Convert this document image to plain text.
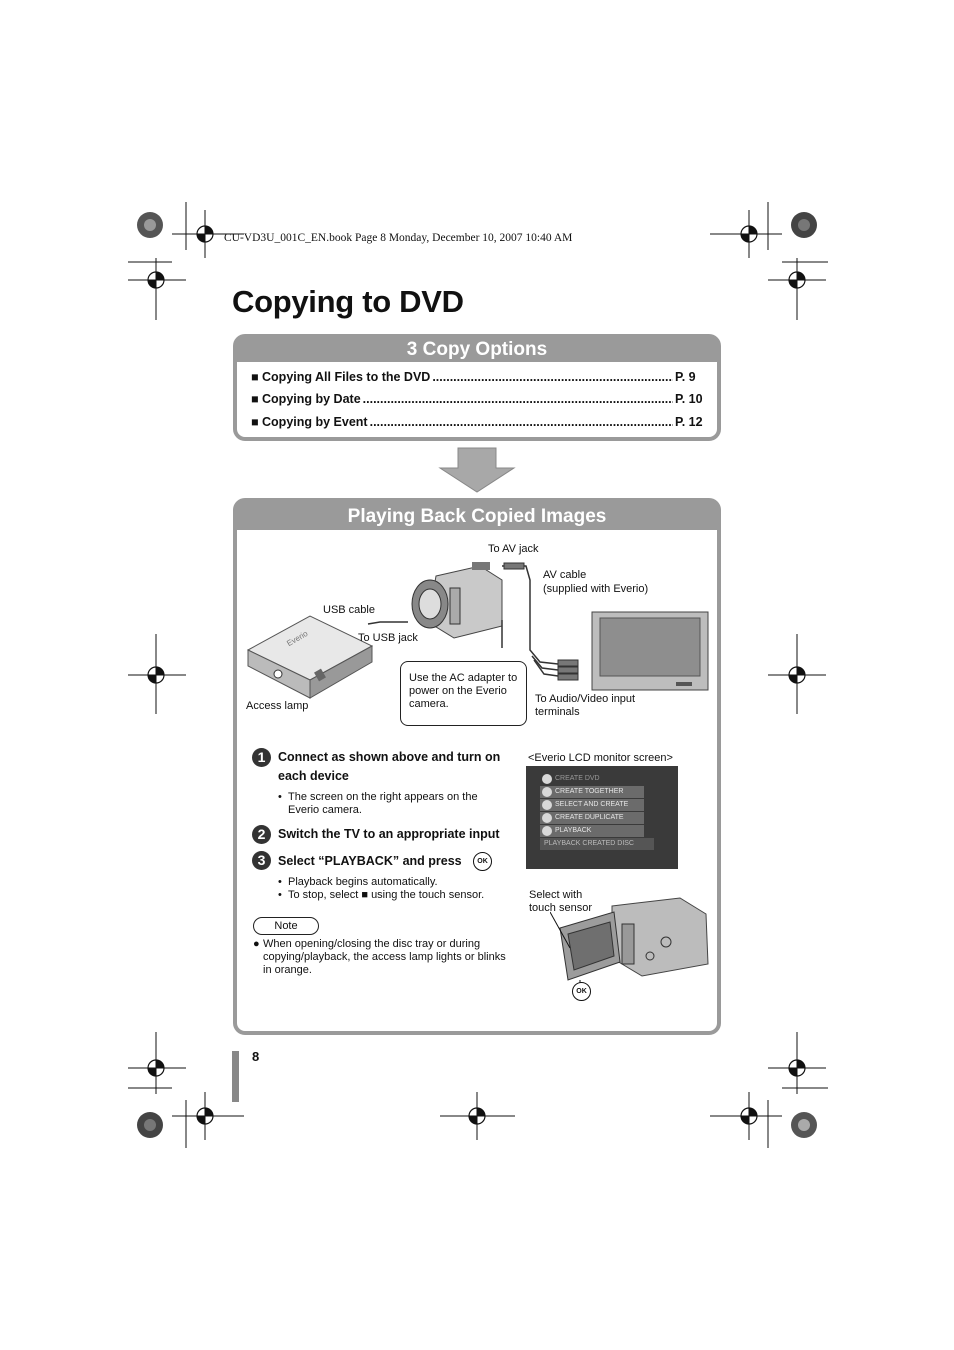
CU-VD3U_001C_EN.book Page 8 Monday, December 10, 2007 10:40 AM
Copying to DVD
3 Copy Options
■ Copying All Files to the DVD .....	P. 9
■ Copying by Date .....	P. 10
■ Copying by Event .....	P. 12
Playing Back Copied Images
To AV jack
AV cable
(supplied with Everio)
USB cable
To USB jack
Access lamp
To Audio/Video input
terminals
Everio
Use the AC adapter to power on the Everio camera.
1	Connect as shown above and turn on each device
• The screen on the right appears on the Everio camera.
2	Switch the TV to an appropriate input
3	Select “PLAYBACK” and press	OK
• Playback begins automatically.
• To stop, select ■ using the touch sensor.
Note
● When opening/closing the disc tray or during copying/playback, the access lamp lights or blinks in orange.
<Everio LCD monitor screen>
CREATE DVD
CREATE TOGETHER
SELECT AND CREATE
CREATE DUPLICATE
PLAYBACK
PLAYBACK CREATED DISC
Select with
touch sensor
OK
8
